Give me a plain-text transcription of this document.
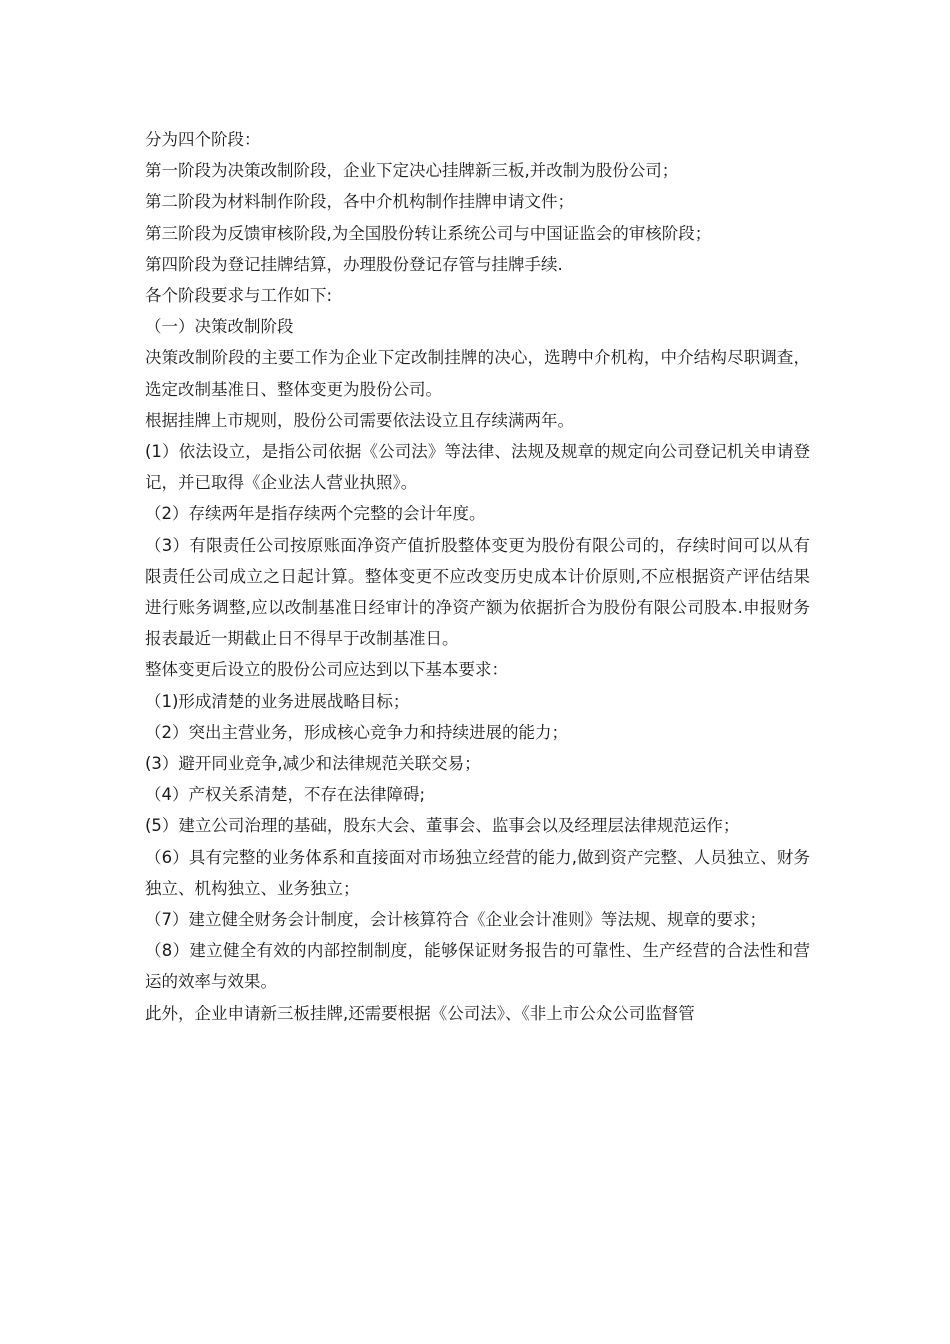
分为四个阶段：

第一阶段为决策改制阶段，企业下定决心挂牌新三板,并改制为股份公司；

第二阶段为材料制作阶段，各中介机构制作挂牌申请文件；

第三阶段为反馈审核阶段,为全国股份转让系统公司与中国证监会的审核阶段；

第四阶段为登记挂牌结算，办理股份登记存管与挂牌手续.

各个阶段要求与工作如下:

（一）决策改制阶段

决策改制阶段的主要工作为企业下定改制挂牌的决心，选聘中介机构，中介结构尽职调查，选定改制基准日、整体变更为股份公司。

根据挂牌上市规则，股份公司需要依法设立且存续满两年。

(1）依法设立，是指公司依据《公司法》等法律、法规及规章的规定向公司登记机关申请登记，并已取得《企业法人营业执照》。

（2）存续两年是指存续两个完整的会计年度。

（3）有限责任公司按原账面净资产值折股整体变更为股份有限公司的，存续时间可以从有限责任公司成立之日起计算。整体变更不应改变历史成本计价原则,不应根据资产评估结果进行账务调整,应以改制基准日经审计的净资产额为依据折合为股份有限公司股本.申报财务报表最近一期截止日不得早于改制基准日。

整体变更后设立的股份公司应达到以下基本要求：

（1)形成清楚的业务进展战略目标；

（2）突出主营业务，形成核心竞争力和持续进展的能力；

(3）避开同业竞争,减少和法律规范关联交易；

（4）产权关系清楚，不存在法律障碍;

(5）建立公司治理的基础，股东大会、董事会、监事会以及经理层法律规范运作；

（6）具有完整的业务体系和直接面对市场独立经营的能力,做到资产完整、人员独立、财务独立、机构独立、业务独立；

（7）建立健全财务会计制度，会计核算符合《企业会计准则》等法规、规章的要求；

（8）建立健全有效的内部控制制度，能够保证财务报告的可靠性、生产经营的合法性和营运的效率与效果。

此外，企业申请新三板挂牌,还需要根据《公司法》、《非上市公众公司监督管
